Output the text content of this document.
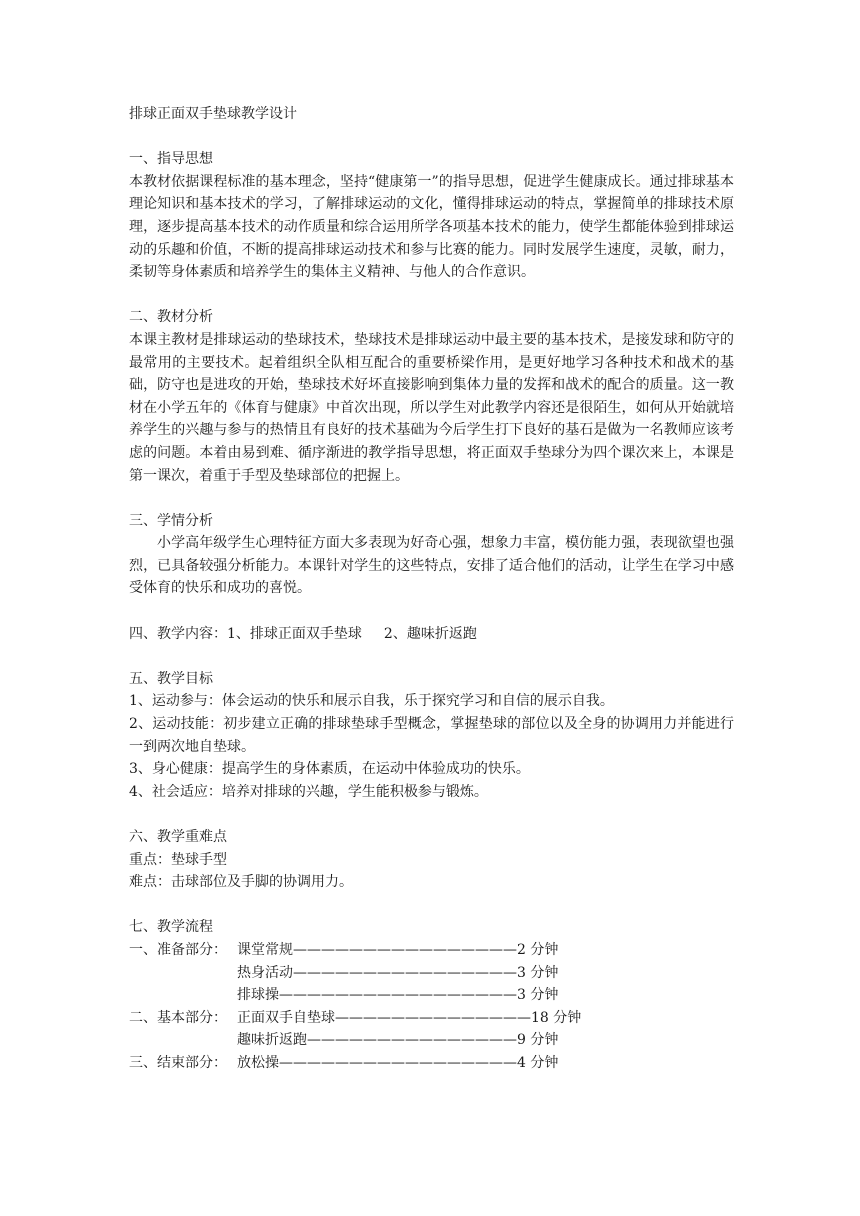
排球正面双手垫球教学设计
一、指导思想
本教材依据课程标准的基本理念，坚持“健康第一”的指导思想，促进学生健康成长。通过排球基本理论知识和基本技术的学习，了解排球运动的文化，懂得排球运动的特点，掌握简单的排球技术原理，逐步提高基本技术的动作质量和综合运用所学各项基本技术的能力，使学生都能体验到排球运动的乐趣和价值，不断的提高排球运动技术和参与比赛的能力。同时发展学生速度，灵敏，耐力，柔韧等身体素质和培养学生的集体主义精神、与他人的合作意识。
二、教材分析
本课主教材是排球运动的垫球技术，垫球技术是排球运动中最主要的基本技术，是接发球和防守的最常用的主要技术。起着组织全队相互配合的重要桥梁作用，是更好地学习各种技术和战术的基础，防守也是进攻的开始，垫球技术好坏直接影响到集体力量的发挥和战术的配合的质量。这一教材在小学五年的《体育与健康》中首次出现，所以学生对此教学内容还是很陌生，如何从开始就培养学生的兴趣与参与的热情且有良好的技术基础为今后学生打下良好的基石是做为一名教师应该考虑的问题。本着由易到难、循序渐进的教学指导思想，将正面双手垫球分为四个课次来上，本课是第一课次，着重于手型及垫球部位的把握上。
三、学情分析
小学高年级学生心理特征方面大多表现为好奇心强，想象力丰富，模仿能力强，表现欲望也强烈，已具备较强分析能力。本课针对学生的这些特点，安排了适合他们的活动，让学生在学习中感受体育的快乐和成功的喜悦。
四、教学内容：1、排球正面双手垫球 2、趣味折返跑
五、教学目标
1、运动参与：体会运动的快乐和展示自我，乐于探究学习和自信的展示自我。
2、运动技能：初步建立正确的排球垫球手型概念，掌握垫球的部位以及全身的协调用力并能进行一到两次地自垫球。
3、身心健康：提高学生的身体素质，在运动中体验成功的快乐。
4、社会适应：培养对排球的兴趣，学生能积极参与锻炼。
六、教学重难点
重点：垫球手型
难点：击球部位及手脚的协调用力。
七、教学流程
一、准备部分： 课堂常规————————————————2 分钟
热身活动————————————————3 分钟
排球操—————————————————3 分钟
二、基本部分： 正面双手自垫球——————————————18 分钟
趣味折返跑———————————————9 分钟
三、结束部分： 放松操—————————————————4 分钟
